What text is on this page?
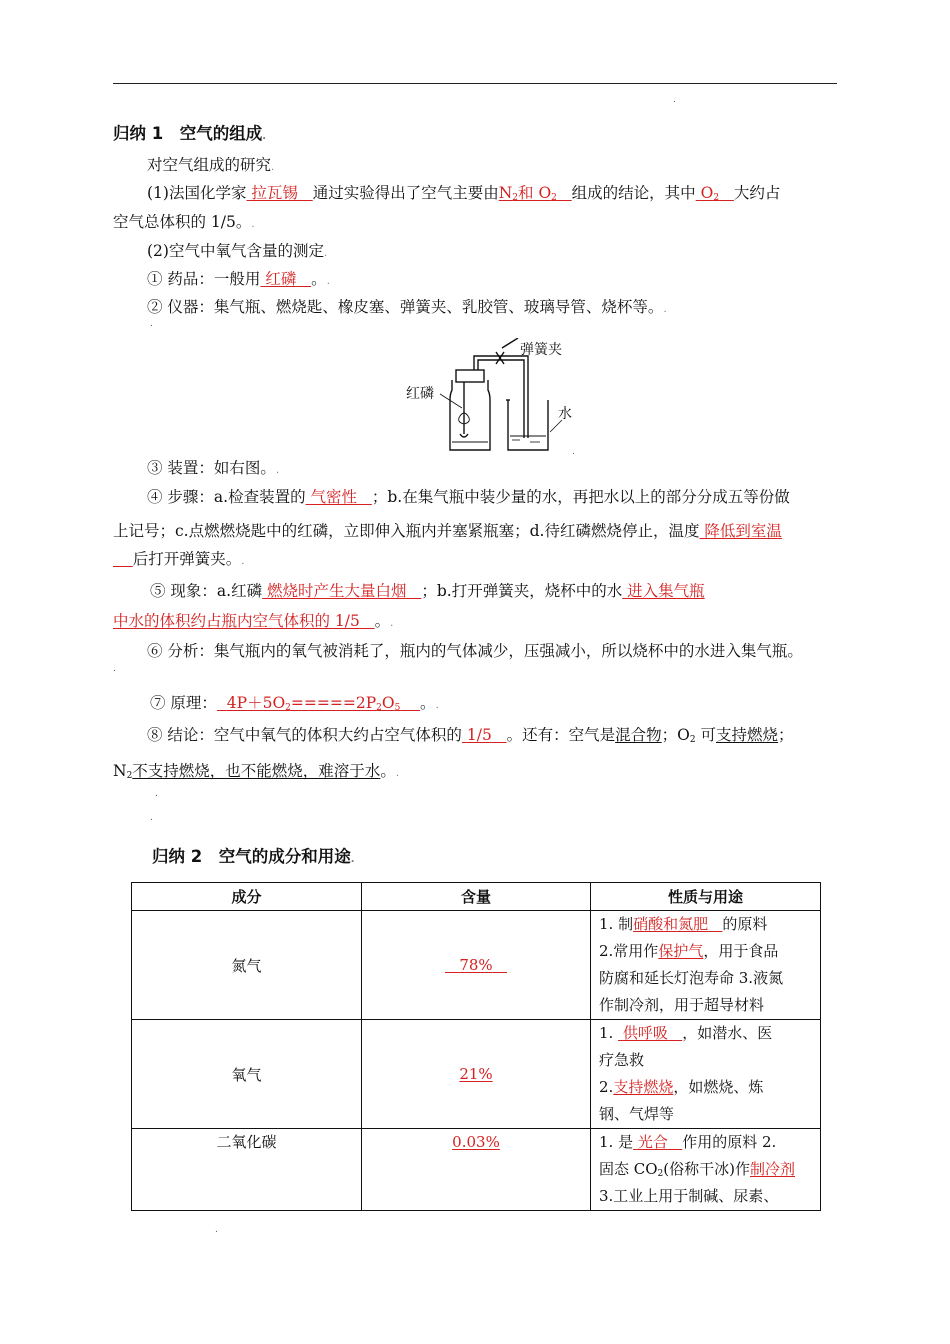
.
归纳 1　空气的组成.
对空气组成的研究.
(1)法国化学家 拉瓦锡 通过实验得出了空气主要由$N_2$和 $O_2$ 组成的结论，其中 $O_2$ 大约占
空气总体积的 1/5。.
(2)空气中氧气含量的测定.
① 药品：一般用 红磷 。.
② 仪器：集气瓶、燃烧匙、橡皮塞、弹簧夹、乳胶管、玻璃导管、烧杯等。.
.
弹簧夹
红磷
水
.
③ 装置：如右图。.
④ 步骤：a.检查装置的 气密性 ；b.在集气瓶中装少量的水，再把水以上的部分分成五等份做
上记号；c.点燃燃烧匙中的红磷，立即伸入瓶内并塞紧瓶塞；d.待红磷燃烧停止，温度 降低到室温
后打开弹簧夹。.
⑤ 现象：a.红磷 燃烧时产生大量白烟 ；b.打开弹簧夹，烧杯中的水 进入集气瓶
中水的体积约占瓶内空气体积的 1/5 。.
⑥ 分析：集气瓶内的氧气被消耗了，瓶内的气体减少，压强减小，所以烧杯中的水进入集气瓶。
.
⑦ 原理： $4P+5O_2=====2P_2O_5$ 。.
⑧ 结论：空气中氧气的体积大约占空气体积的 1/5 。还有：空气是混合物；$O_2$ 可支持燃烧；
$N_2$不支持燃烧，也不能燃烧，难溶于水。.
.
.
归纳 2　空气的成分和用途.
成分	含量	性质与用途
氮气	78%	1. 制硝酸和氮肥 的原料
2.常用作保护气，用于食品
防腐和延长灯泡寿命 3.液氮
作制冷剂，用于超导材料

氧气	21%	1.  供呼吸 ，如潜水、医
疗急救
2.支持燃烧，如燃烧、炼
钢、气焊等

二氧化碳	0.03%	1. 是 光合 作用的原料 2.
固态 $CO_2$(俗称干冰)作制冷剂
3.工业上用于制碱、尿素、
.
